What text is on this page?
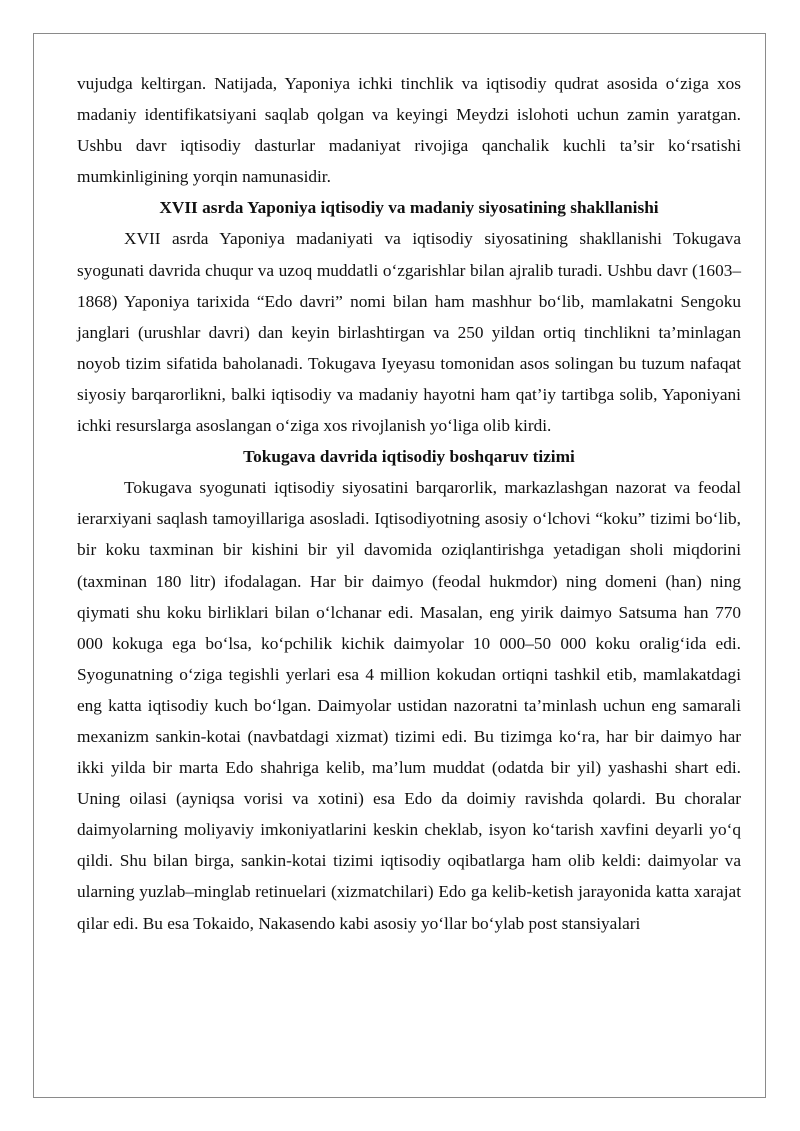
vujudga keltirgan. Natijada, Yaponiya ichki tinchlik va iqtisodiy qudrat asosida o‘ziga xos madaniy identifikatsiyani saqlab qolgan va keyingi Meydzi islohoti uchun zamin yaratgan. Ushbu davr iqtisodiy dasturlar madaniyat rivojiga qanchalik kuchli ta’sir ko‘rsatishi mumkinligining yorqin namunasidir.

XVII asrda Yaponiya iqtisodiy va madaniy siyosatining shakllanishi

XVII asrda Yaponiya madaniyati va iqtisodiy siyosatining shakllanishi Tokugava syogunati davrida chuqur va uzoq muddatli o‘zgarishlar bilan ajralib turadi. Ushbu davr (1603–1868) Yaponiya tarixida “Edo davri” nomi bilan ham mashhur bo‘lib, mamlakatni Sengoku janglari (urushlar davri) dan keyin birlashtirgan va 250 yildan ortiq tinchlikni ta’minlagan noyob tizim sifatida baholanadi. Tokugava Iyeyasu tomonidan asos solingan bu tuzum nafaqat siyosiy barqarorlikni, balki iqtisodiy va madaniy hayotni ham qat’iy tartibga solib, Yaponiyani ichki resurslarga asoslangan o‘ziga xos rivojlanish yo‘liga olib kirdi.

Tokugava davrida iqtisodiy boshqaruv tizimi

Tokugava syogunati iqtisodiy siyosatini barqarorlik, markazlashgan nazorat va feodal ierarxiyani saqlash tamoyillariga asosladi. Iqtisodiyotning asosiy o‘lchovi “koku” tizimi bo‘lib, bir koku taxminan bir kishini bir yil davomida oziqlantirishga yetadigan sholi miqdorini (taxminan 180 litr) ifodalagan. Har bir daimyo (feodal hukmdor) ning domeni (han) ning qiymati shu koku birliklari bilan o‘lchanar edi. Masalan, eng yirik daimyo Satsuma han 770 000 kokuga ega bo‘lsa, ko‘pchilik kichik daimyolar 10 000–50 000 koku oralig‘ida edi. Syogunatning o‘ziga tegishli yerlari esa 4 million kokudan ortiqni tashkil etib, mamlakatdagi eng katta iqtisodiy kuch bo‘lgan. Daimyolar ustidan nazoratni ta’minlash uchun eng samarali mexanizm sankin-kotai (navbatdagi xizmat) tizimi edi. Bu tizimga ko‘ra, har bir daimyo har ikki yilda bir marta Edo shahriga kelib, ma’lum muddat (odatda bir yil) yashashi shart edi. Uning oilasi (ayniqsa vorisi va xotini) esa Edo da doimiy ravishda qolardi. Bu choralar daimyolarning moliyaviy imkoniyatlarini keskin cheklab, isyon ko‘tarish xavfini deyarli yo‘q qildi. Shu bilan birga, sankin-kotai tizimi iqtisodiy oqibatlarga ham olib keldi: daimyolar va ularning yuzlab–minglab retinuelari (xizmatchilari) Edo ga kelib-ketish jarayonida katta xarajat qilar edi. Bu esa Tokaido, Nakasendo kabi asosiy yo‘llar bo‘ylab post stansiyalari
